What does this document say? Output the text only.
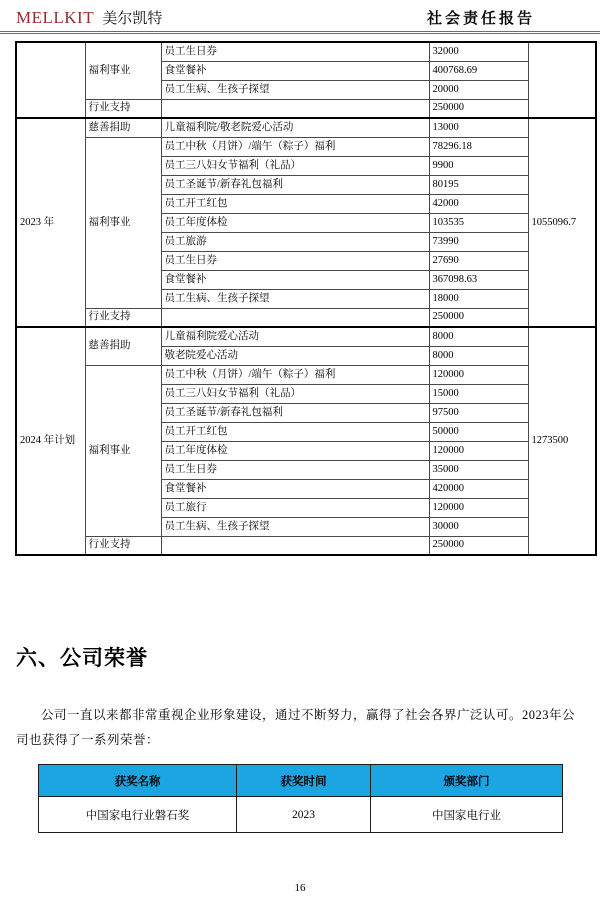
MELLKIT 美尔凯特	社会责任报告
	福利事业	员工生日券	32000	
		食堂餐补	400768.69	
		员工生病、生孩子探望	20000	
	行业支持		250000	
2023 年	慈善捐助	儿童福利院/敬老院爱心活动	13000	1055096.7
	福利事业	员工中秋（月饼）/端午（粽子）福利	78296.18	
		员工三八妇女节福利（礼品）	9900	
		员工圣诞节/新春礼包福利	80195	
		员工开工红包	42000	
		员工年度体检	103535	
		员工旅游	73990	
		员工生日券	27690	
		食堂餐补	367098.63	
		员工生病、生孩子探望	18000	
	行业支持		250000	
2024 年计划	慈善捐助	儿童福利院爱心活动	8000	1273500
		敬老院爱心活动	8000	
	福利事业	员工中秋（月饼）/端午（粽子）福利	120000	
		员工三八妇女节福利（礼品）	15000	
		员工圣诞节/新春礼包福利	97500	
		员工开工红包	50000	
		员工年度体检	120000	
		员工生日券	35000	
		食堂餐补	420000	
		员工旅行	120000	
		员工生病、生孩子探望	30000	
	行业支持		250000	
六、公司荣誉
公司一直以来都非常重视企业形象建设，通过不断努力，赢得了社会各界广泛认可。2023年公司也获得了一系列荣誉：
获奖名称	获奖时间	颁奖部门
中国家电行业磐石奖	2023	中国家电行业
16
